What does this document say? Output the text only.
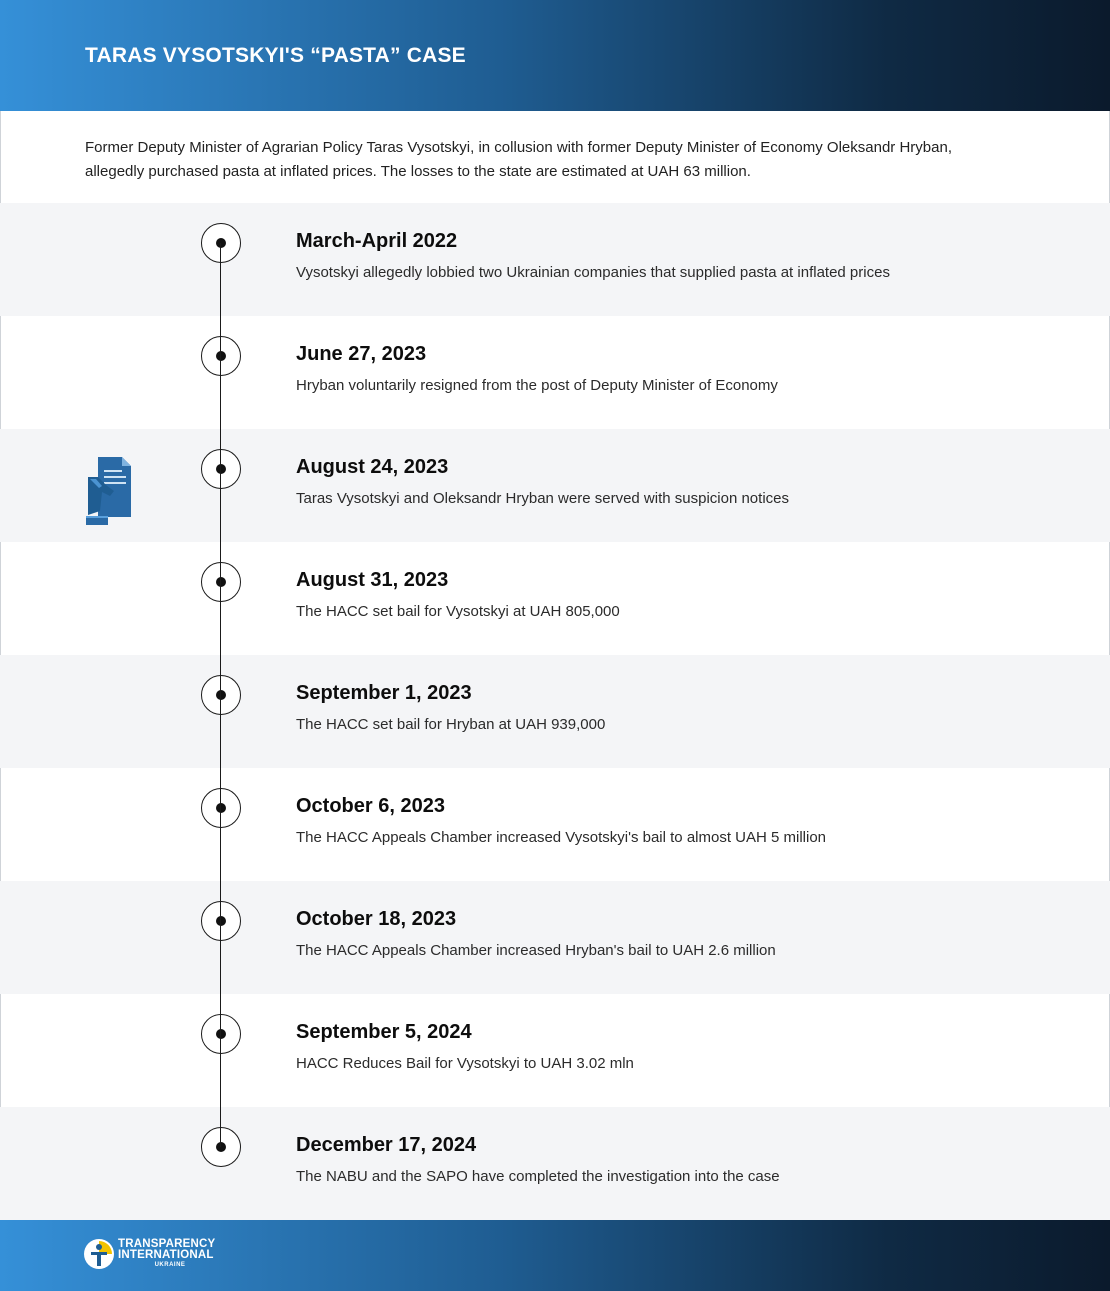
TARAS VYSOTSKYI'S “PASTA” CASE

Former Deputy Minister of Agrarian Policy Taras Vysotskyi, in collusion with former Deputy Minister of Economy Oleksandr Hryban, allegedly purchased pasta at inflated prices. The losses to the state are estimated at UAH 63 million.

March-April 2022
Vysotskyi allegedly lobbied two Ukrainian companies that supplied pasta at inflated prices
June 27, 2023
Hryban voluntarily resigned from the post of Deputy Minister of Economy
August 24, 2023
Taras Vysotskyi and Oleksandr Hryban were served with suspicion notices
August 31, 2023
The HACC set bail for Vysotskyi at UAH 805,000
September 1, 2023
The HACC set bail for Hryban at UAH 939,000
October 6, 2023
The HACC Appeals Chamber increased Vysotskyi's bail to almost UAH 5 million
October 18, 2023
The HACC Appeals Chamber increased Hryban's bail to UAH 2.6 million
September 5, 2024
HACC Reduces Bail for Vysotskyi to UAH 3.02 mln
December 17, 2024
The NABU and the SAPO have completed the investigation into the case
TRANSPARENCY
INTERNATIONAL
UKRAINE
